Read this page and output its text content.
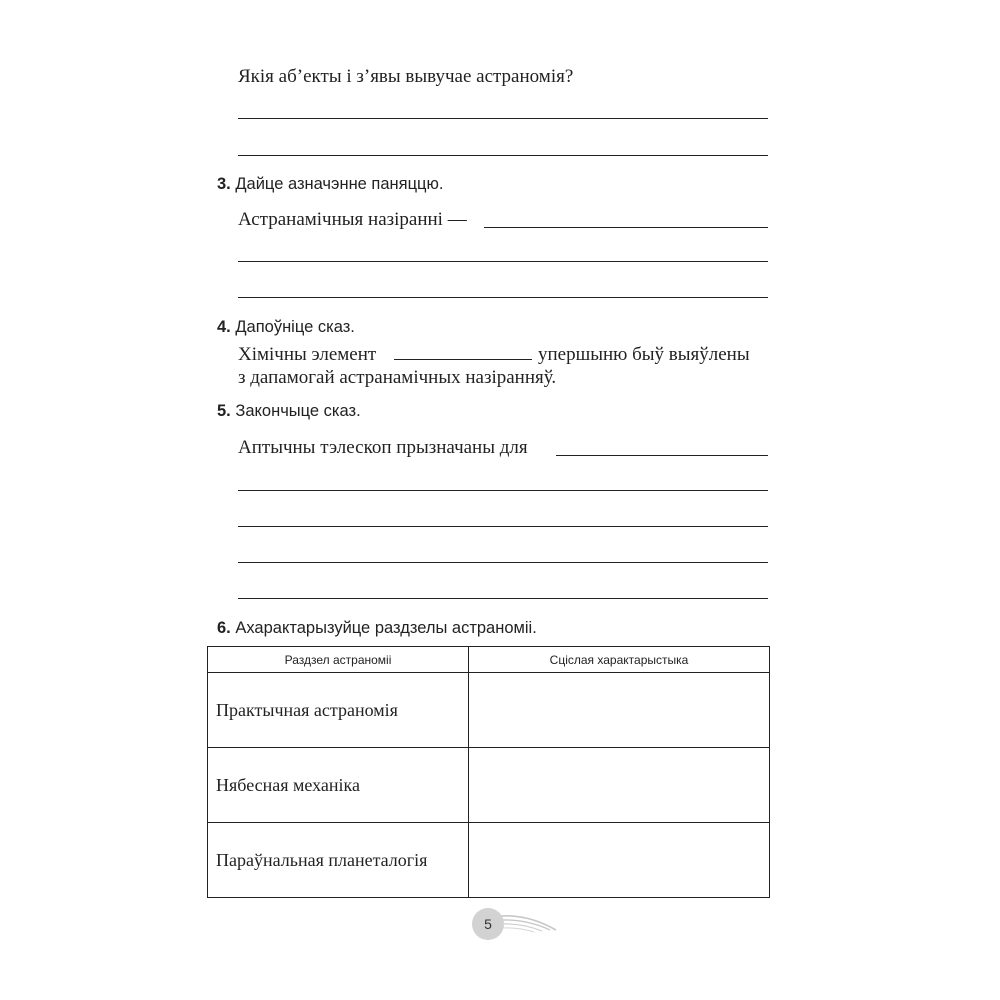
Якія аб’екты і з’явы вывучае астраномія?
3. Дайце азначэнне паняццю.
Астранамічныя назіранні —
4. Дапоўніце сказ.
Хімічны элемент	упершыню быў выяўлены
з дапамогай астранамічных назіранняў.
5. Закончыце сказ.
Аптычны тэлескоп прызначаны для
6. Ахарактарызуйце раздзелы астраноміі.
Раздзел астраноміі	Сціслая характарыстыка
Практычная астраномія	
Нябесная механіка	
Параўнальная планеталогія	
5
